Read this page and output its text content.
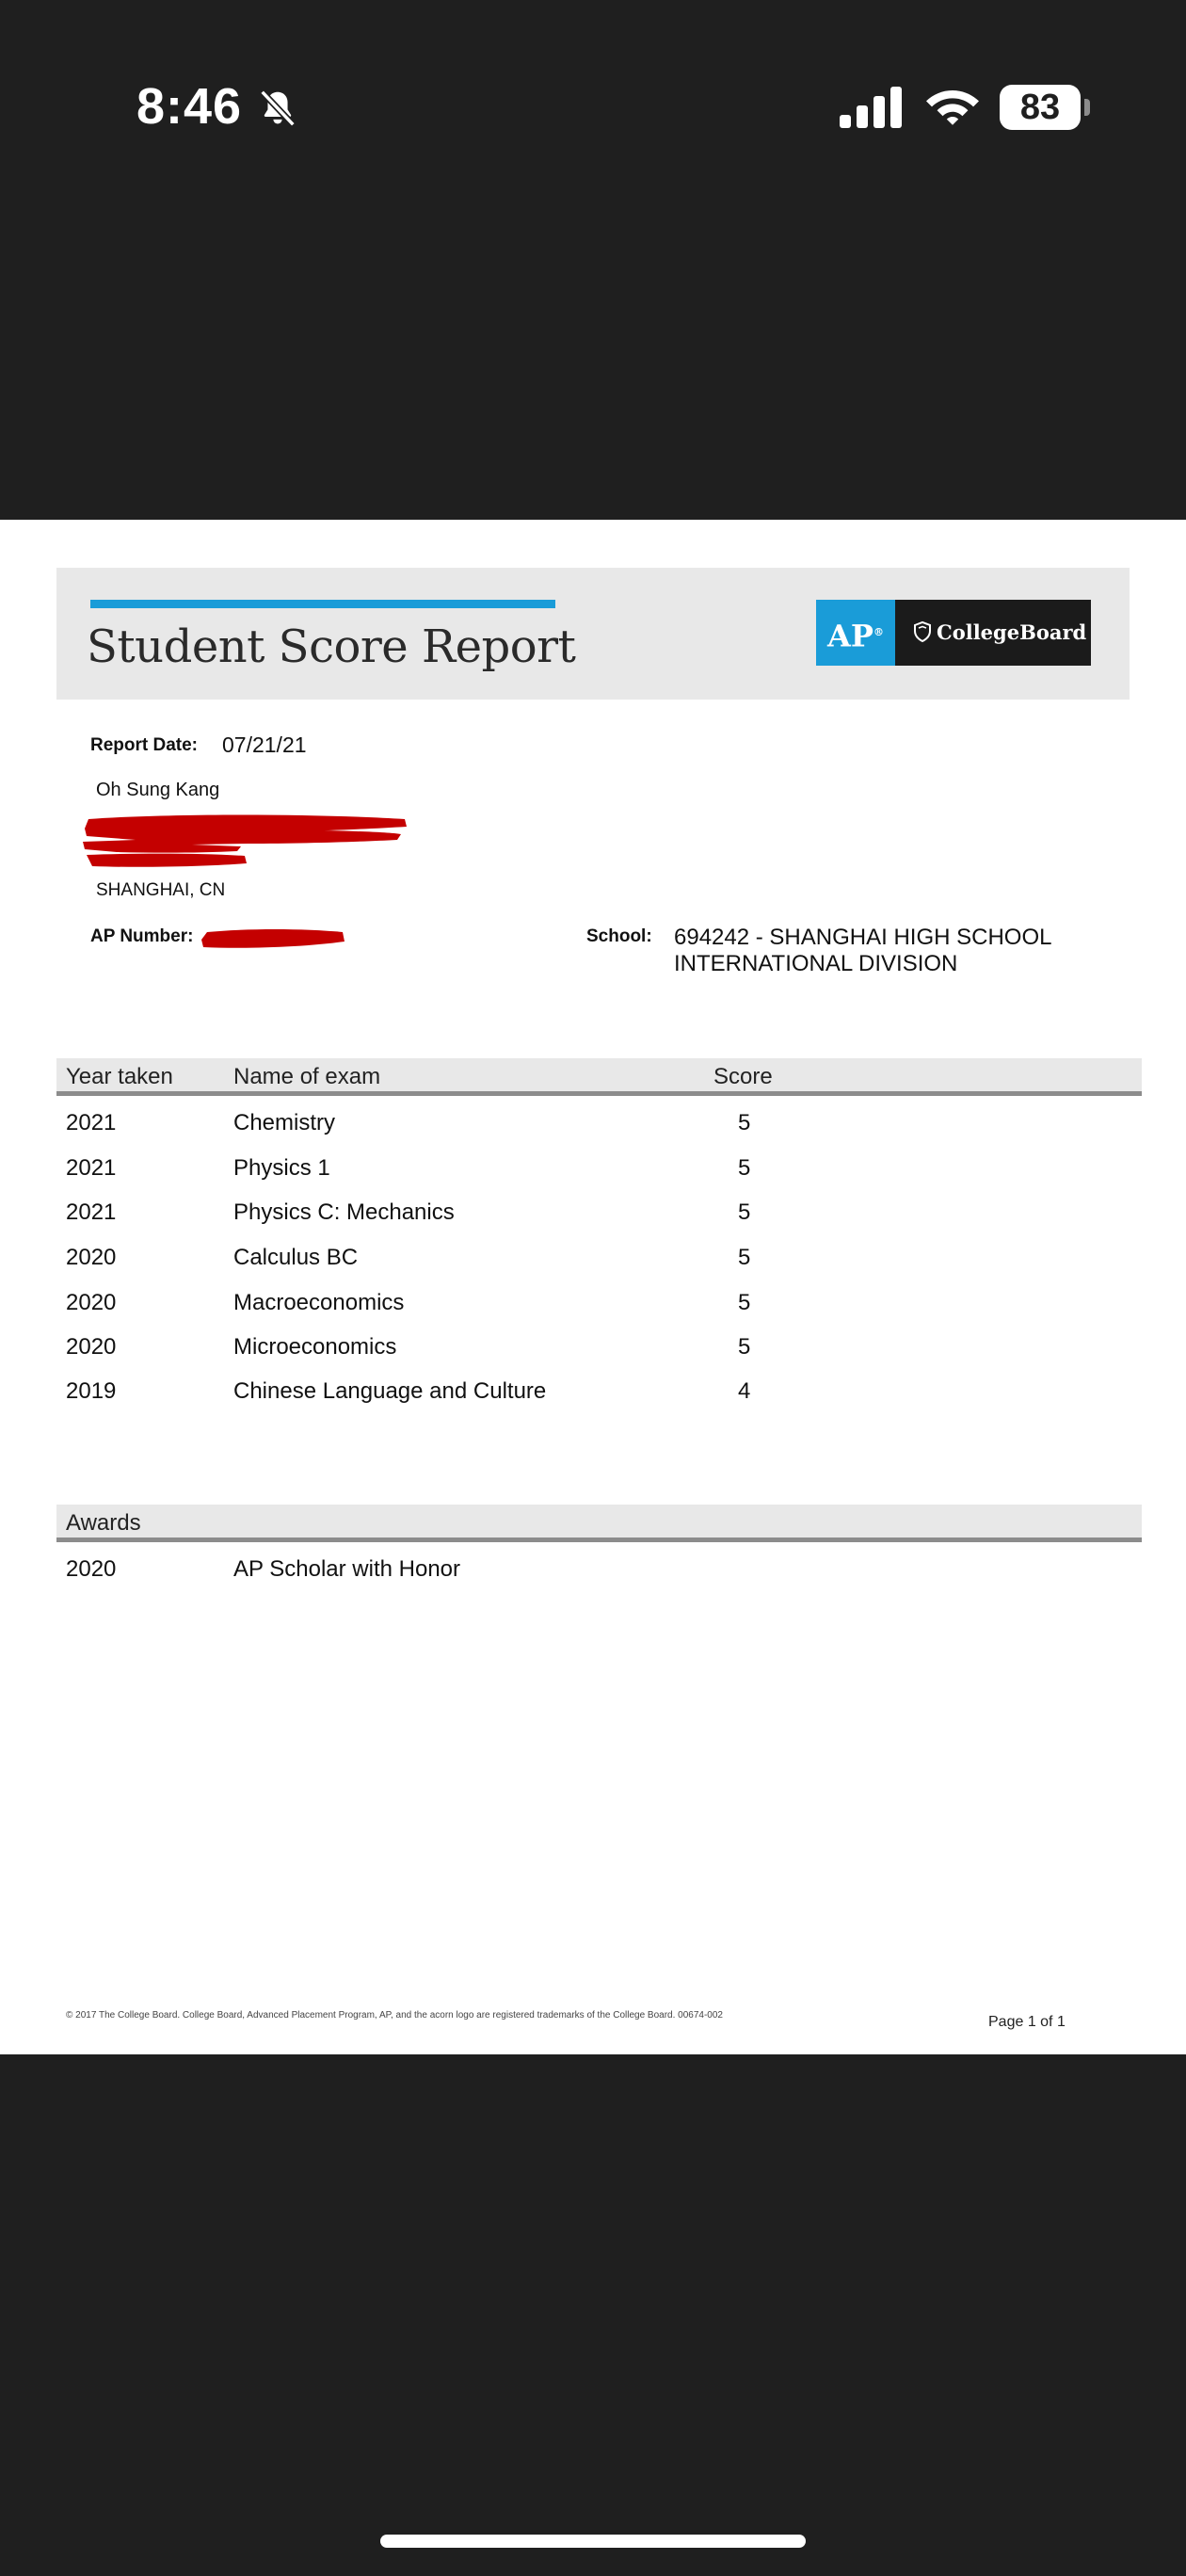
8:46	83
Student Score Report	AP®	CollegeBoard
Report Date: 07/21/21
Oh Sung Kang
SHANGHAI, CN
AP Number:	School: 694242 - SHANGHAI HIGH SCHOOL
INTERNATIONAL DIVISION
Year taken	Name of exam	Score
2021	Chemistry	5
2021	Physics 1	5
2021	Physics C: Mechanics	5
2020	Calculus BC	5
2020	Macroeconomics	5
2020	Microeconomics	5
2019	Chinese Language and Culture	4
Awards
2020	AP Scholar with Honor
© 2017 The College Board. College Board, Advanced Placement Program, AP, and the acorn logo are registered trademarks of the College Board. 00674-002	Page 1 of 1
